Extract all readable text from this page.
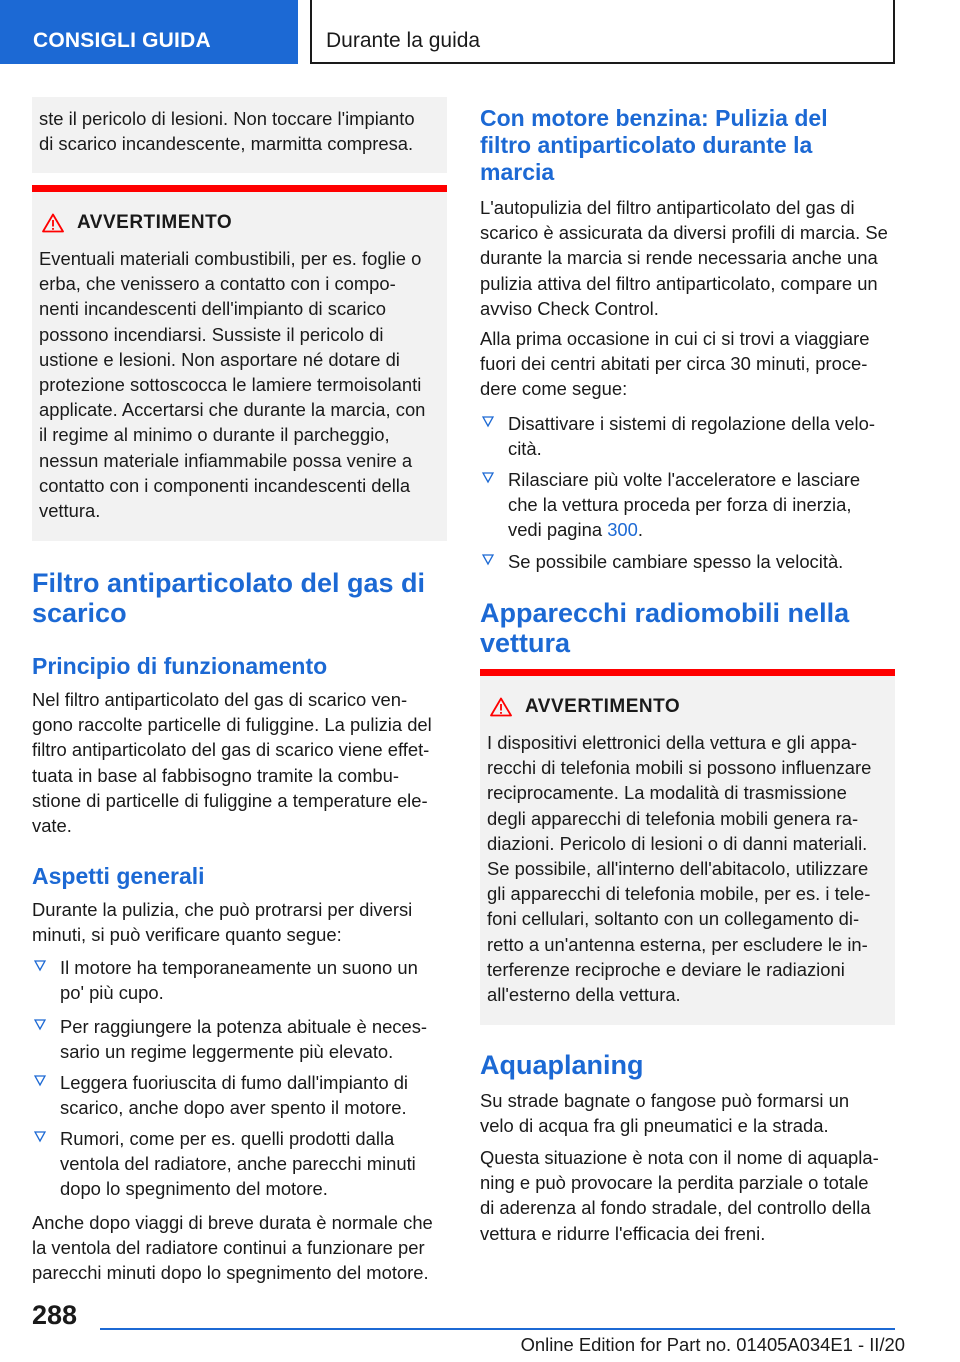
CONSIGLI GUIDA	Durante la guida

ste il pericolo di lesioni. Non toccare l'impianto
di scarico incandescente, marmitta compresa.

AVVERTIMENTO

Eventuali materiali combustibili, per es. foglie o
erba, che venissero a contatto con i compo-
nenti incandescenti dell'impianto di scarico
possono incendiarsi. Sussiste il pericolo di
ustione e lesioni. Non asportare né dotare di
protezione sottoscocca le lamiere termoisolanti
applicate. Accertarsi che durante la marcia, con
il regime al minimo o durante il parcheggio,
nessun materiale infiammabile possa venire a
contatto con i componenti incandescenti della
vettura.

Filtro antiparticolato del gas di
scarico
Principio di funzionamento

Nel filtro antiparticolato del gas di scarico ven-
gono raccolte particelle di fuliggine. La pulizia del
filtro antiparticolato del gas di scarico viene effet-
tuata in base al fabbisogno tramite la combu-
stione di particelle di fuliggine a temperature ele-
vate.

Aspetti generali

Durante la pulizia, che può protrarsi per diversi
minuti, si può verificare quanto segue:

Il motore ha temporaneamente un suono un
po' più cupo.
Per raggiungere la potenza abituale è neces-
sario un regime leggermente più elevato.
Leggera fuoriuscita di fumo dall'impianto di
scarico, anche dopo aver spento il motore.
Rumori, come per es. quelli prodotti dalla
ventola del radiatore, anche parecchi minuti
dopo lo spegnimento del motore.

Anche dopo viaggi di breve durata è normale che
la ventola del radiatore continui a funzionare per
parecchi minuti dopo lo spegnimento del motore.

Con motore benzina: Pulizia del
filtro antiparticolato durante la
marcia

L'autopulizia del filtro antiparticolato del gas di
scarico è assicurata da diversi profili di marcia. Se
durante la marcia si rende necessaria anche una
pulizia attiva del filtro antiparticolato, compare un
avviso Check Control.

Alla prima occasione in cui ci si trovi a viaggiare
fuori dei centri abitati per circa 30 minuti, proce-
dere come segue:

Disattivare i sistemi di regolazione della velo-
cità.
Rilasciare più volte l'acceleratore e lasciare
che la vettura proceda per forza di inerzia,
vedi pagina 300.
Se possibile cambiare spesso la velocità.
Apparecchi radiomobili nella
vettura
AVVERTIMENTO

I dispositivi elettronici della vettura e gli appa-
recchi di telefonia mobili si possono influenzare
reciprocamente. La modalità di trasmissione
degli apparecchi di telefonia mobili genera ra-
diazioni. Pericolo di lesioni o di danni materiali.
Se possibile, all'interno dell'abitacolo, utilizzare
gli apparecchi di telefonia mobile, per es. i tele-
foni cellulari, soltanto con un collegamento di-
retto a un'antenna esterna, per escludere le in-
terferenze reciproche e deviare le radiazioni
all'esterno della vettura.

Aquaplaning

Su strade bagnate o fangose può formarsi un
velo di acqua fra gli pneumatici e la strada.

Questa situazione è nota con il nome di aquapla-
ning e può provocare la perdita parziale o totale
di aderenza al fondo stradale, del controllo della
vettura e ridurre l'efficacia dei freni.

288
Online Edition for Part no. 01405A034E1 - II/20
